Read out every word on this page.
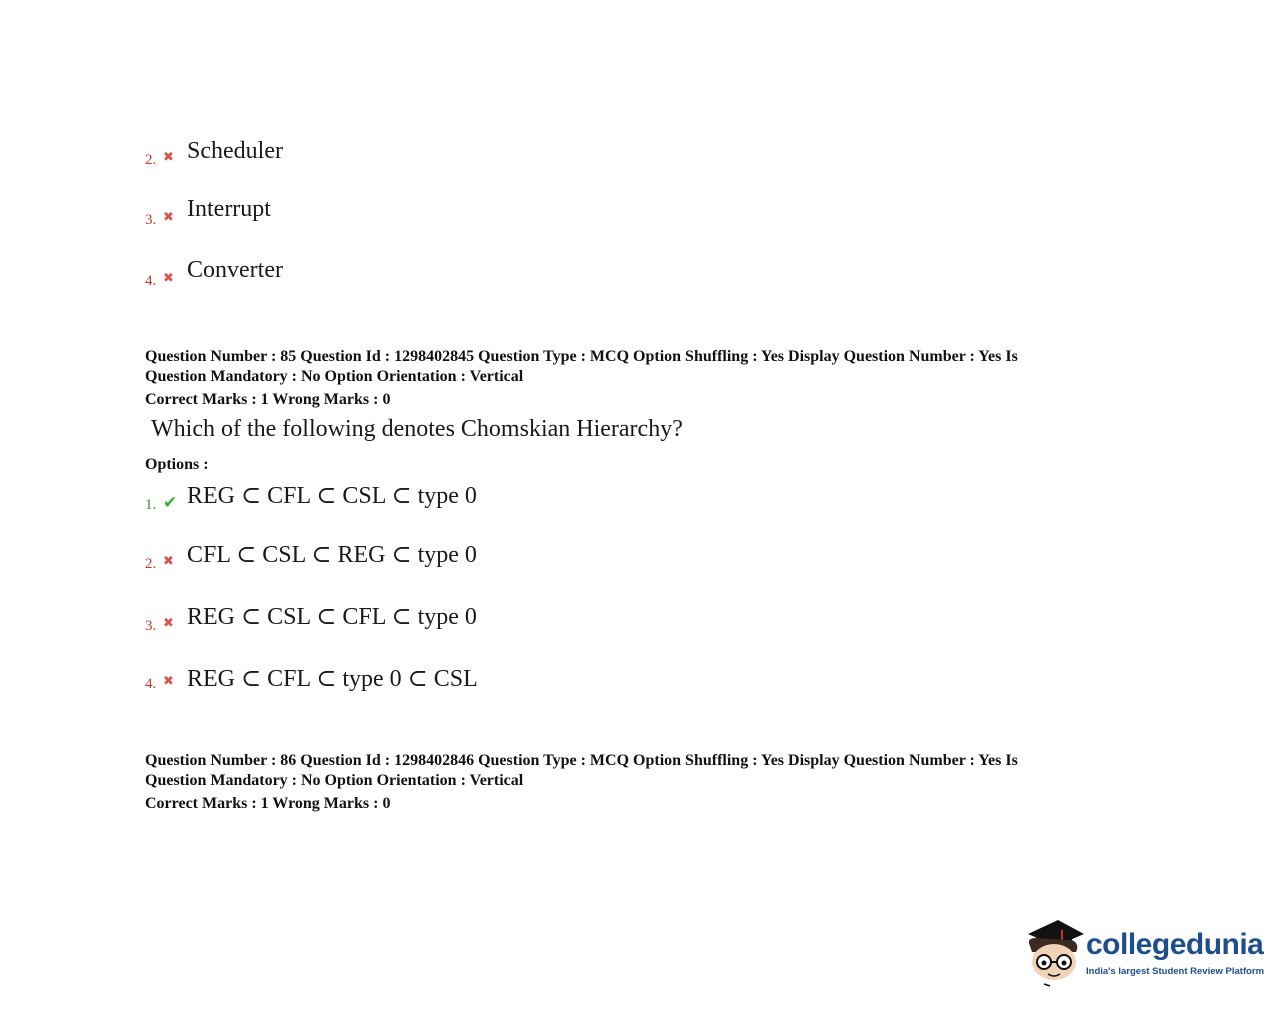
2. ✖ Scheduler
3. ✖ Interrupt
4. ✖ Converter
Question Number : 85 Question Id : 1298402845 Question Type : MCQ Option Shuffling : Yes Display Question Number : Yes Is
Question Mandatory : No Option Orientation : Vertical
Correct Marks : 1 Wrong Marks : 0
Which of the following denotes Chomskian Hierarchy?
Options :
1. ✔ REG ⊂ CFL ⊂ CSL ⊂ type 0
2. ✖ CFL ⊂ CSL ⊂ REG ⊂ type 0
3. ✖ REG ⊂ CSL ⊂ CFL ⊂ type 0
4. ✖ REG ⊂ CFL ⊂ type 0 ⊂ CSL
Question Number : 86 Question Id : 1298402846 Question Type : MCQ Option Shuffling : Yes Display Question Number : Yes Is
Question Mandatory : No Option Orientation : Vertical
Correct Marks : 1 Wrong Marks : 0
collegedunia
India's largest Student Review Platform
